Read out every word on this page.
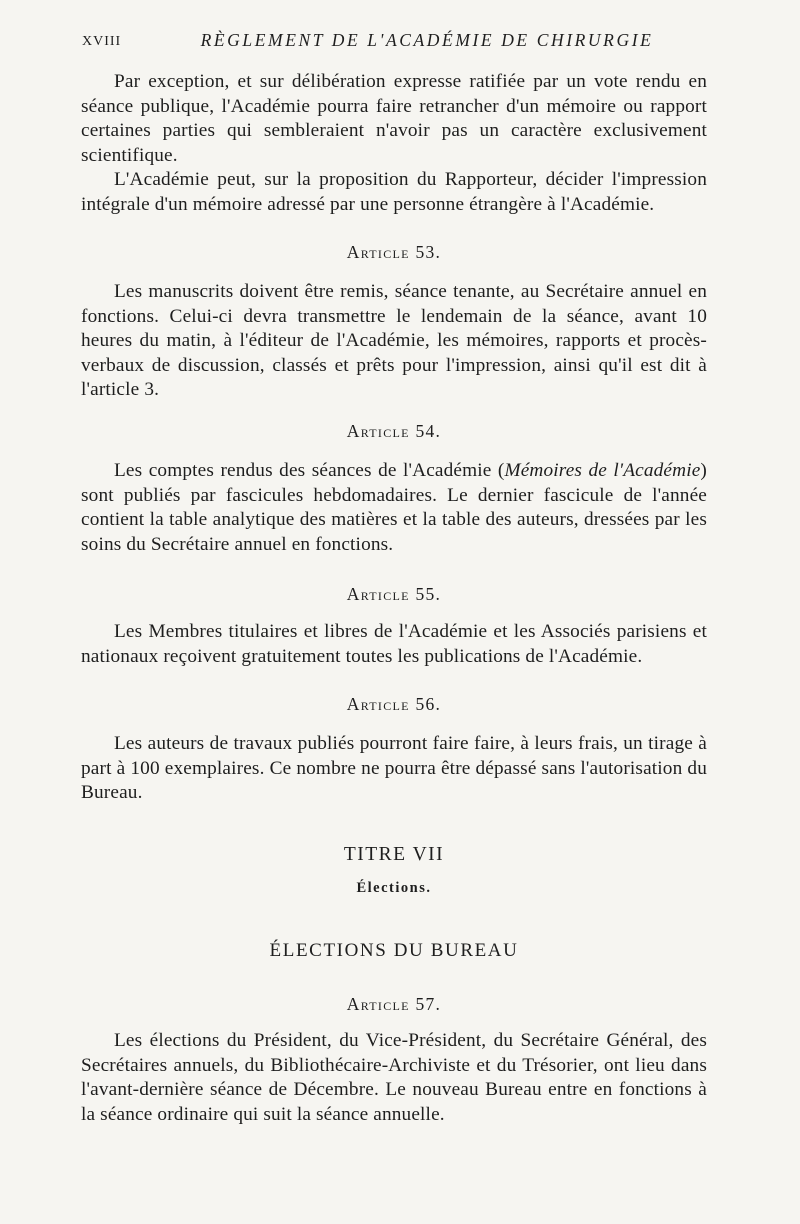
XVIII	RÈGLEMENT DE L'ACADÉMIE DE CHIRURGIE

Par exception, et sur délibération expresse ratifiée par un vote rendu en séance publique, l'Académie pourra faire retrancher d'un mémoire ou rapport certaines parties qui sembleraient n'avoir pas un caractère exclusivement scientifique.

L'Académie peut, sur la proposition du Rapporteur, décider l'impression intégrale d'un mémoire adressé par une personne étrangère à l'Académie.

Article 53.

Les manuscrits doivent être remis, séance tenante, au Secrétaire annuel en fonctions. Celui-ci devra transmettre le lendemain de la séance, avant 10 heures du matin, à l'éditeur de l'Académie, les mémoires, rapports et procès-verbaux de discussion, classés et prêts pour l'impression, ainsi qu'il est dit à l'article 3.

Article 54.

Les comptes rendus des séances de l'Académie (Mémoires de l'Académie) sont publiés par fascicules hebdomadaires. Le dernier fascicule de l'année contient la table analytique des matières et la table des auteurs, dressées par les soins du Secrétaire annuel en fonctions.

Article 55.

Les Membres titulaires et libres de l'Académie et les Associés parisiens et nationaux reçoivent gratuitement toutes les publications de l'Académie.

Article 56.

Les auteurs de travaux publiés pourront faire faire, à leurs frais, un tirage à part à 100 exemplaires. Ce nombre ne pourra être dépassé sans l'autorisation du Bureau.

TITRE VII
Élections.
ÉLECTIONS DU BUREAU
Article 57.

Les élections du Président, du Vice-Président, du Secrétaire Général, des Secrétaires annuels, du Bibliothécaire-Archiviste et du Trésorier, ont lieu dans l'avant-dernière séance de Décembre. Le nouveau Bureau entre en fonctions à la séance ordinaire qui suit la séance annuelle.
